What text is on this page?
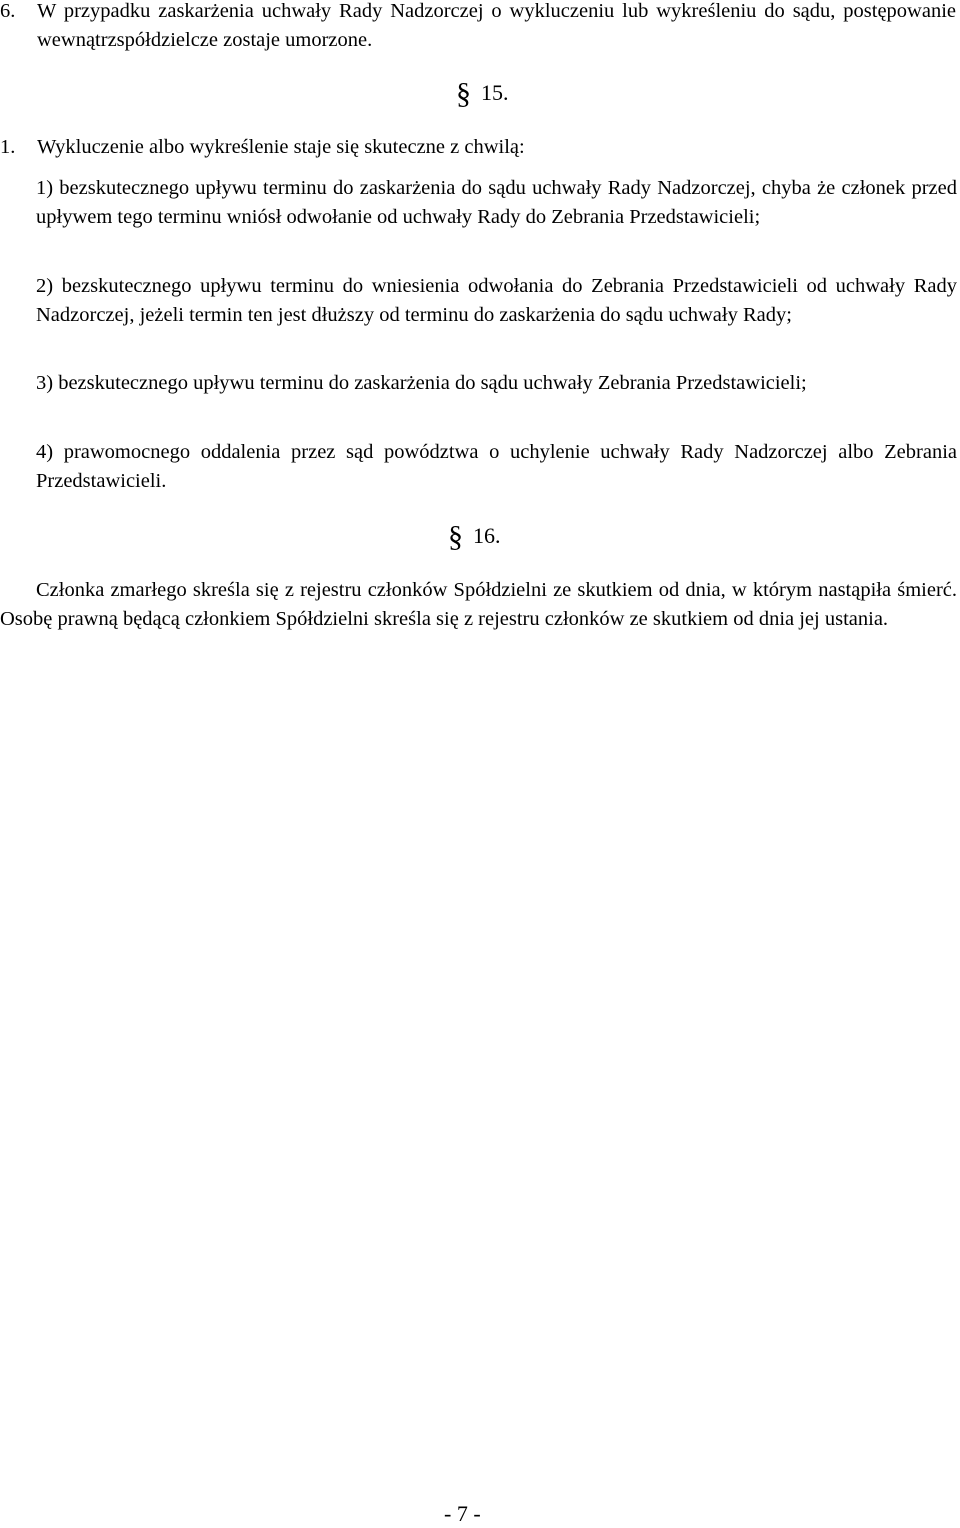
6. W przypadku zaskarżenia uchwały Rady Nadzorczej o wykluczeniu lub wykreśleniu do sądu, postępowanie wewnątrzspółdzielcze zostaje umorzone.
§ 15.
1. Wykluczenie albo wykreślenie staje się skuteczne z chwilą:
1) bezskutecznego upływu terminu do zaskarżenia do sądu uchwały Rady Nadzorczej, chyba że członek przed upływem tego terminu wniósł odwołanie od uchwały Rady do Zebrania Przedstawicieli;
2) bezskutecznego upływu terminu do wniesienia odwołania do Zebrania Przedstawicieli od uchwały Rady Nadzorczej, jeżeli termin ten jest dłuższy od terminu do zaskarżenia do sądu uchwały Rady;
3) bezskutecznego upływu terminu do zaskarżenia do sądu uchwały Zebrania Przedstawicieli;
4) prawomocnego oddalenia przez sąd powództwa o uchylenie uchwały Rady Nadzorczej albo Zebrania Przedstawicieli.
§ 16.
Członka zmarłego skreśla się z rejestru członków Spółdzielni ze skutkiem od dnia, w którym nastąpiła śmierć. Osobę prawną będącą członkiem Spółdzielni skreśla się z rejestru członków ze skutkiem od dnia jej ustania.
- 7 -
